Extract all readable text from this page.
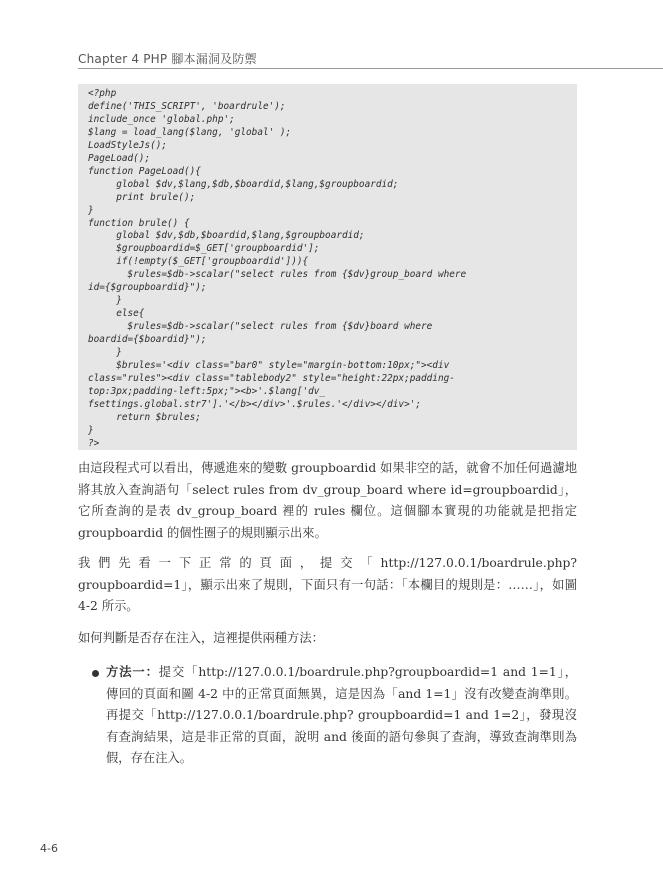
Chapter 4 PHP 腳本漏洞及防禦
<?php
define('THIS_SCRIPT', 'boardrule');
include_once 'global.php';
$lang = load_lang($lang, 'global' );
LoadStyleJs();
PageLoad();
function PageLoad(){
global $dv,$lang,$db,$boardid,$lang,$groupboardid;
print brule();
}
function brule() {
global $dv,$db,$boardid,$lang,$groupboardid;
$groupboardid=$_GET['groupboardid'];
if(!empty($_GET['groupboardid'])){
$rules=$db->scalar("select rules from {$dv}group_board where
id={$groupboardid}");
}
else{
$rules=$db->scalar("select rules from {$dv}board where
boardid={$boardid}");
}
$brules='<div class="bar0" style="margin-bottom:10px;"><div
class="rules"><div class="tablebody2" style="height:22px;padding-
top:3px;padding-left:5px;"><b>'.$lang['dv_
fsettings.global.str7'].'</b></div>'.$rules.'</div></div>';
return $brules;
}
?>
由這段程式可以看出，傳遞進來的變數 groupboardid 如果非空的話，就會不加任何過濾地將其放入查詢語句「select rules from dv_group_board where id=groupboardid」，它所查詢的是表 dv_group_board 裡的 rules 欄位。這個腳本實現的功能就是把指定 groupboardid 的個性圈子的規則顯示出來。
我們先看一下正常的頁面，提交「http://127.0.0.1/boardrule.php?groupboardid=1」，顯示出來了規則，下面只有一句話：「本欄目的規則是：……」，如圖 4-2 所示。
如何判斷是否存在注入，這裡提供兩種方法：
方法一：提交「http://127.0.0.1/boardrule.php?groupboardid=1 and 1=1」，傳回的頁面和圖 4-2 中的正常頁面無異，這是因為「and 1=1」沒有改變查詢準則。再提交「http://127.0.0.1/boardrule.php? groupboardid=1 and 1=2」，發現沒有查詢結果，這是非正常的頁面，說明 and 後面的語句參與了查詢，導致查詢準則為假，存在注入。
4-6
